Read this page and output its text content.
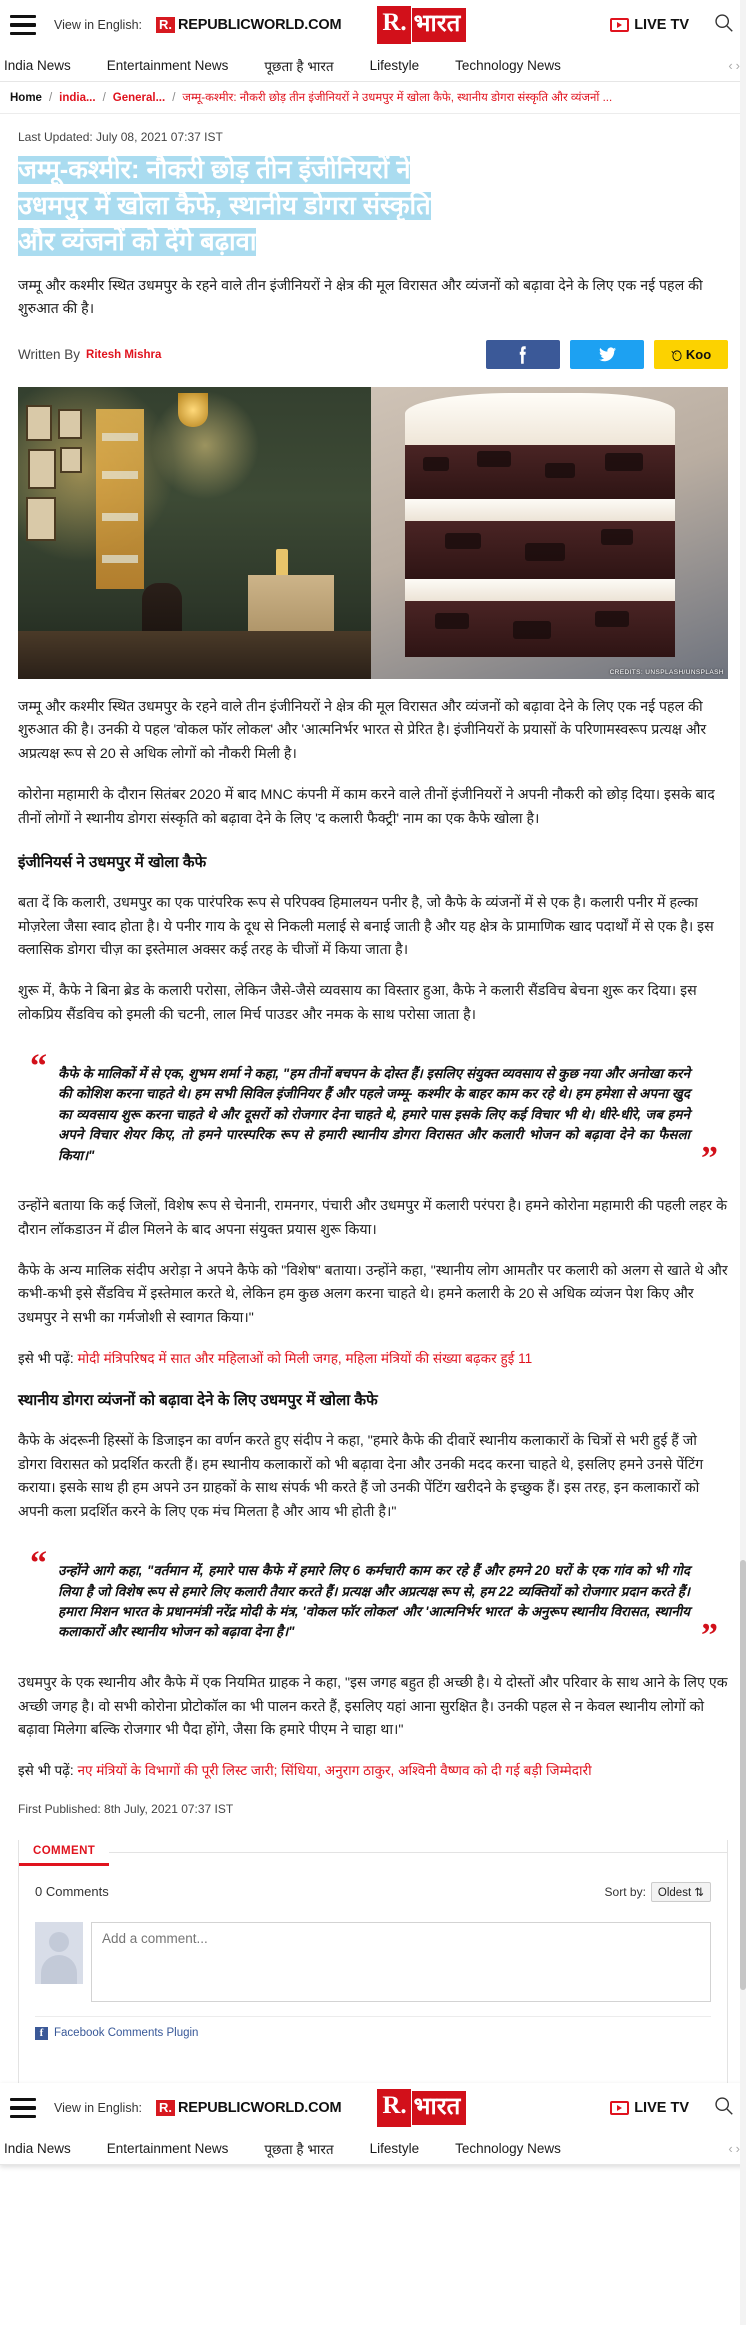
View in English: R. REPUBLICWORLD.COM R. भारत	LIVE TV
India News	Entertainment News	पूछता है भारत	Lifestyle	Technology News	‹ ›
Home / india... / General... / जम्मू-कश्मीर: नौकरी छोड़ तीन इंजीनियरों ने उधमपुर में खोला कैफे, स्थानीय डोगरा संस्कृति और व्यंजनों ...
Last Updated: July 08, 2021 07:37 IST
जम्मू-कश्मीर: नौकरी छोड़ तीन इंजीनियरों ने
उधमपुर में खोला कैफे, स्थानीय डोगरा संस्कृति
और व्यंजनों को देंगे बढ़ावा

जम्मू और कश्मीर स्थित उधमपुर के रहने वाले तीन इंजीनियरों ने क्षेत्र की मूल विरासत और व्यंजनों को बढ़ावा देने के लिए एक नई पहल की शुरुआत की है।

Written By Ritesh Mishra	Koo
CREDITS: UNSPLASH/UNSPLASH

जम्मू और कश्मीर स्थित उधमपुर के रहने वाले तीन इंजीनियरों ने क्षेत्र की मूल विरासत और व्यंजनों को बढ़ावा देने के लिए एक नई पहल की शुरुआत की है। उनकी ये पहल 'वोकल फॉर लोकल' और 'आत्मनिर्भर भारत से प्रेरित है। इंजीनियरों के प्रयासों के परिणामस्वरूप प्रत्यक्ष और अप्रत्यक्ष रूप से 20 से अधिक लोगों को नौकरी मिली है।

कोरोना महामारी के दौरान सितंबर 2020 में बाद MNC कंपनी में काम करने वाले तीनों इंजीनियरों ने अपनी नौकरी को छोड़ दिया। इसके बाद तीनों लोगों ने स्थानीय डोगरा संस्कृति को बढ़ावा देने के लिए 'द कलारी फैक्ट्री' नाम का एक कैफे खोला है।

इंजीनियर्स ने उधमपुर में खोला कैफे

बता दें कि कलारी, उधमपुर का एक पारंपरिक रूप से परिपक्व हिमालयन पनीर है, जो कैफे के व्यंजनों में से एक है। कलारी पनीर में हल्का मोज़रेला जैसा स्वाद होता है। ये पनीर गाय के दूध से निकली मलाई से बनाई जाती है और यह क्षेत्र के प्रामाणिक खाद पदार्थों में से एक है। इस क्लासिक डोगरा चीज़ का इस्तेमाल अक्सर कई तरह के चीजों में किया जाता है।

शुरू में, कैफे ने बिना ब्रेड के कलारी परोसा, लेकिन जैसे-जैसे व्यवसाय का विस्तार हुआ, कैफे ने कलारी सैंडविच बेचना शुरू कर दिया। इस लोकप्रिय सैंडविच को इमली की चटनी, लाल मिर्च पाउडर और नमक के साथ परोसा जाता है।

“ कैफे के मालिकों में से एक, शुभम शर्मा ने कहा, "हम तीनों बचपन के दोस्त हैं। इसलिए संयुक्त व्यवसाय से कुछ नया और अनोखा करने की कोशिश करना चाहते थे। हम सभी सिविल इंजीनियर हैं और पहले जम्मू- कश्मीर के बाहर काम कर रहे थे। हम हमेशा से अपना खुद का व्यवसाय शुरू करना चाहते थे और दूसरों को रोजगार देना चाहते थे, हमारे पास इसके लिए कई विचार भी थे। धीरे-धीरे, जब हमने अपने विचार शेयर किए, तो हमने पारस्परिक रूप से हमारी स्थानीय डोगरा विरासत और कलारी भोजन को बढ़ावा देने का फैसला किया।"	”

उन्होंने बताया कि कई जिलों, विशेष रूप से चेनानी, रामनगर, पंचारी और उधमपुर में कलारी परंपरा है। हमने कोरोना महामारी की पहली लहर के दौरान लॉकडाउन में ढील मिलने के बाद अपना संयुक्त प्रयास शुरू किया।

कैफे के अन्य मालिक संदीप अरोड़ा ने अपने कैफे को "विशेष" बताया। उन्होंने कहा, "स्थानीय लोग आमतौर पर कलारी को अलग से खाते थे और कभी-कभी इसे सैंडविच में इस्तेमाल करते थे, लेकिन हम कुछ अलग करना चाहते थे। हमने कलारी के 20 से अधिक व्यंजन पेश किए और उधमपुर ने सभी का गर्मजोशी से स्वागत किया।"

इसे भी पढ़ें: मोदी मंत्रिपरिषद में सात और महिलाओं को मिली जगह, महिला मंत्रियों की संख्या बढ़कर हुई 11
स्थानीय डोगरा व्यंजनों को बढ़ावा देने के लिए उधमपुर में खोला कैफे

कैफे के अंदरूनी हिस्सों के डिजाइन का वर्णन करते हुए संदीप ने कहा, "हमारे कैफे की दीवारें स्थानीय कलाकारों के चित्रों से भरी हुई हैं जो डोगरा विरासत को प्रदर्शित करती हैं। हम स्थानीय कलाकारों को भी बढ़ावा देना और उनकी मदद करना चाहते थे, इसलिए हमने उनसे पेंटिंग कराया। इसके साथ ही हम अपने उन ग्राहकों के साथ संपर्क भी करते हैं जो उनकी पेंटिंग खरीदने के इच्छुक हैं। इस तरह, इन कलाकारों को अपनी कला प्रदर्शित करने के लिए एक मंच मिलता है और आय भी होती है।"

“ उन्होंने आगे कहा, "वर्तमान में, हमारे पास कैफे में हमारे लिए 6 कर्मचारी काम कर रहे हैं और हमने 20 घरों के एक गांव को भी गोद लिया है जो विशेष रूप से हमारे लिए कलारी तैयार करते हैं। प्रत्यक्ष और अप्रत्यक्ष रूप से, हम 22 व्यक्तियों को रोजगार प्रदान करते हैं। हमारा मिशन भारत के प्रधानमंत्री नरेंद्र मोदी के मंत्र, 'वोकल फॉर लोकल' और 'आत्मनिर्भर भारत' के अनुरूप स्थानीय विरासत, स्थानीय कलाकारों और स्थानीय भोजन को बढ़ावा देना है।"	”

उधमपुर के एक स्थानीय और कैफे में एक नियमित ग्राहक ने कहा, "इस जगह बहुत ही अच्छी है। ये दोस्तों और परिवार के साथ आने के लिए एक अच्छी जगह है। वो सभी कोरोना प्रोटोकॉल का भी पालन करते हैं, इसलिए यहां आना सुरक्षित है। उनकी पहल से न केवल स्थानीय लोगों को बढ़ावा मिलेगा बल्कि रोजगार भी पैदा होंगे, जैसा कि हमारे पीएम ने चाहा था।"

इसे भी पढ़ें: नए मंत्रियों के विभागों की पूरी लिस्ट जारी; सिंधिया, अनुराग ठाकुर, अश्विनी वैष्णव को दी गई बड़ी जिम्मेदारी
First Published: 8th July, 2021 07:37 IST
COMMENT
0 Comments	Sort by:	Oldest ⇅
Add a comment...
f Facebook Comments Plugin
View in English: R. REPUBLICWORLD.COM R. भारत	LIVE TV
India News	Entertainment News	पूछता है भारत	Lifestyle	Technology News	‹ ›
